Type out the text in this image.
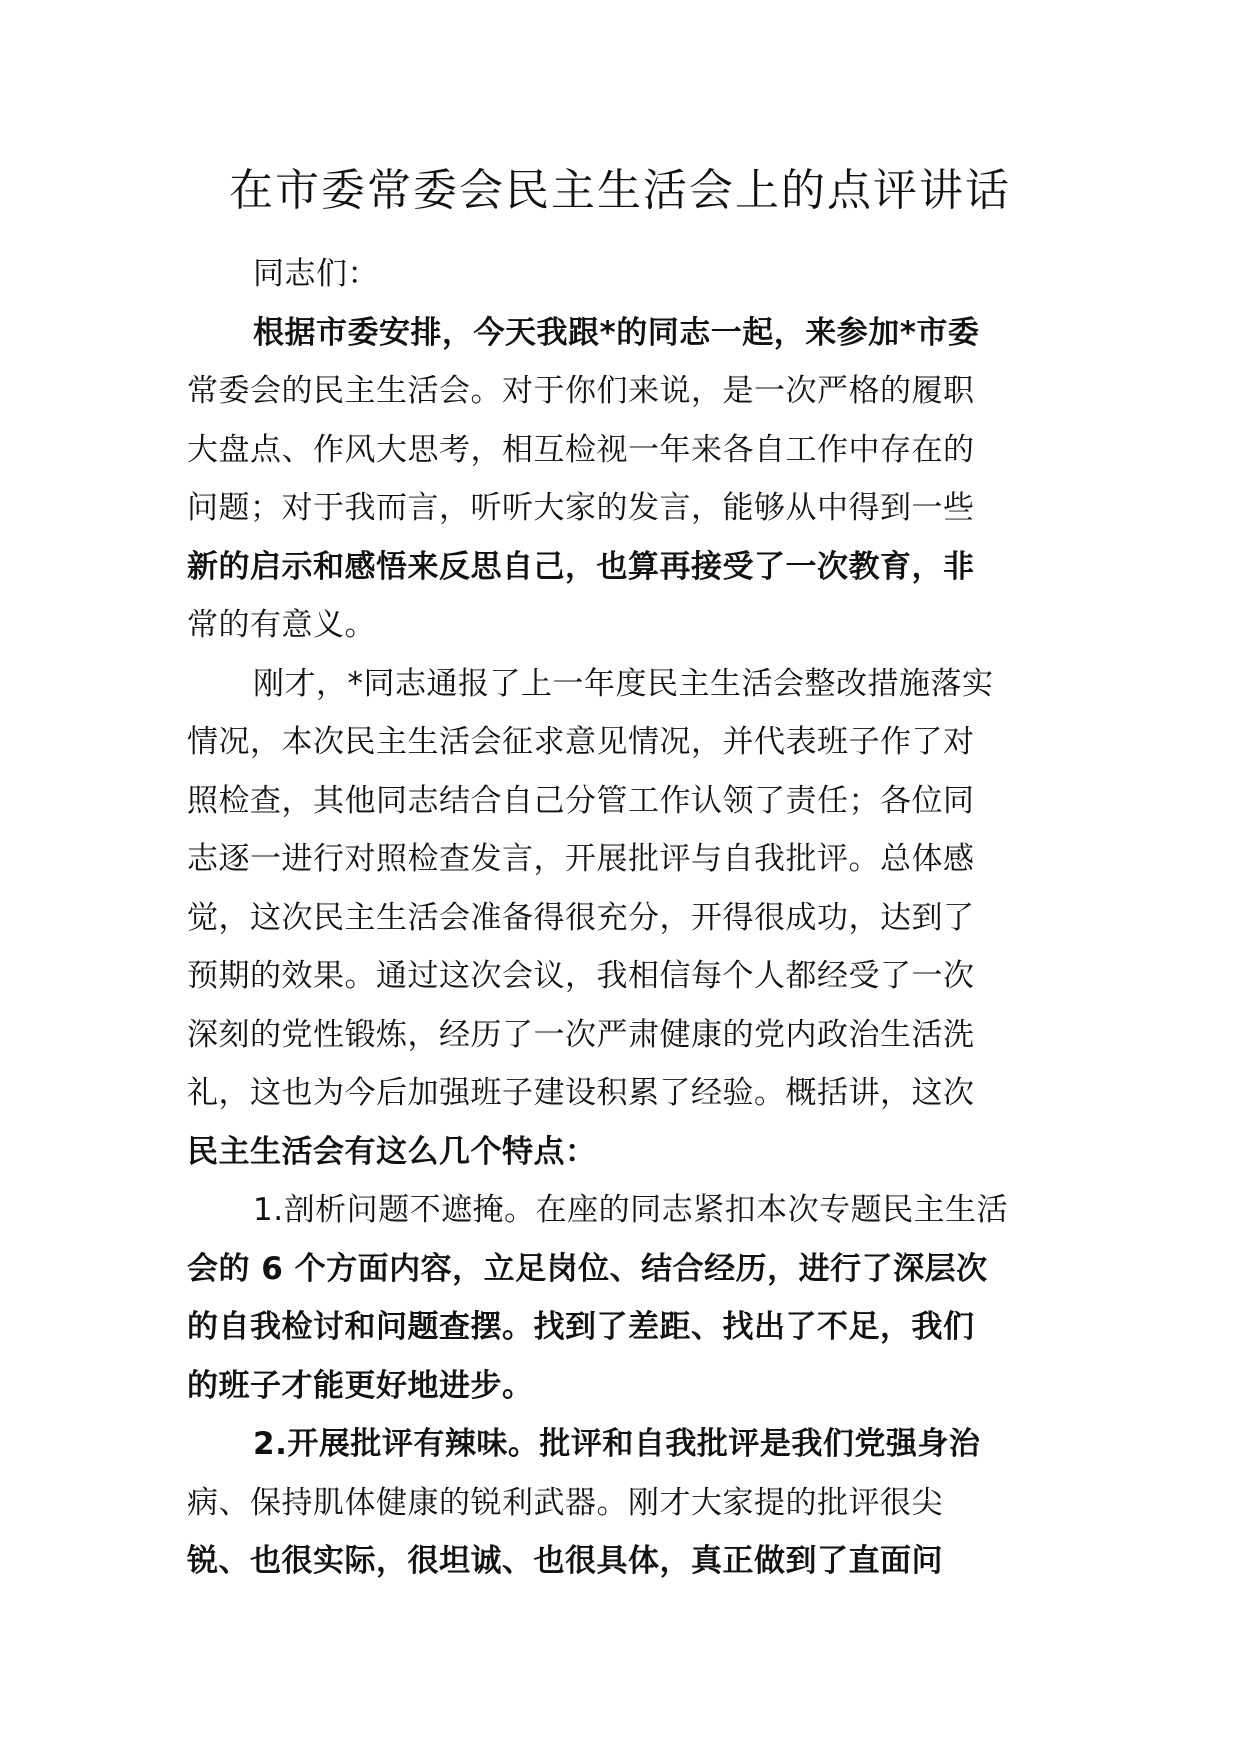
在市委常委会民主生活会上的点评讲话
同志们：
根据市委安排，今天我跟*的同志一起，来参加*市委
常委会的民主生活会。对于你们来说，是一次严格的履职
大盘点、作风大思考，相互检视一年来各自工作中存在的
问题；对于我而言，听听大家的发言，能够从中得到一些
新的启示和感悟来反思自己，也算再接受了一次教育，非
常的有意义。
刚才，*同志通报了上一年度民主生活会整改措施落实
情况，本次民主生活会征求意见情况，并代表班子作了对
照检查，其他同志结合自己分管工作认领了责任；各位同
志逐一进行对照检查发言，开展批评与自我批评。总体感
觉，这次民主生活会准备得很充分，开得很成功，达到了
预期的效果。通过这次会议，我相信每个人都经受了一次
深刻的党性锻炼，经历了一次严肃健康的党内政治生活洗
礼，这也为今后加强班子建设积累了经验。概括讲，这次
民主生活会有这么几个特点：
1.剖析问题不遮掩。在座的同志紧扣本次专题民主生活
会的 6 个方面内容，立足岗位、结合经历，进行了深层次
的自我检讨和问题查摆。找到了差距、找出了不足，我们
的班子才能更好地进步。
2.开展批评有辣味。批评和自我批评是我们党强身治
病、保持肌体健康的锐利武器。刚才大家提的批评很尖
锐、也很实际，很坦诚、也很具体，真正做到了直面问
